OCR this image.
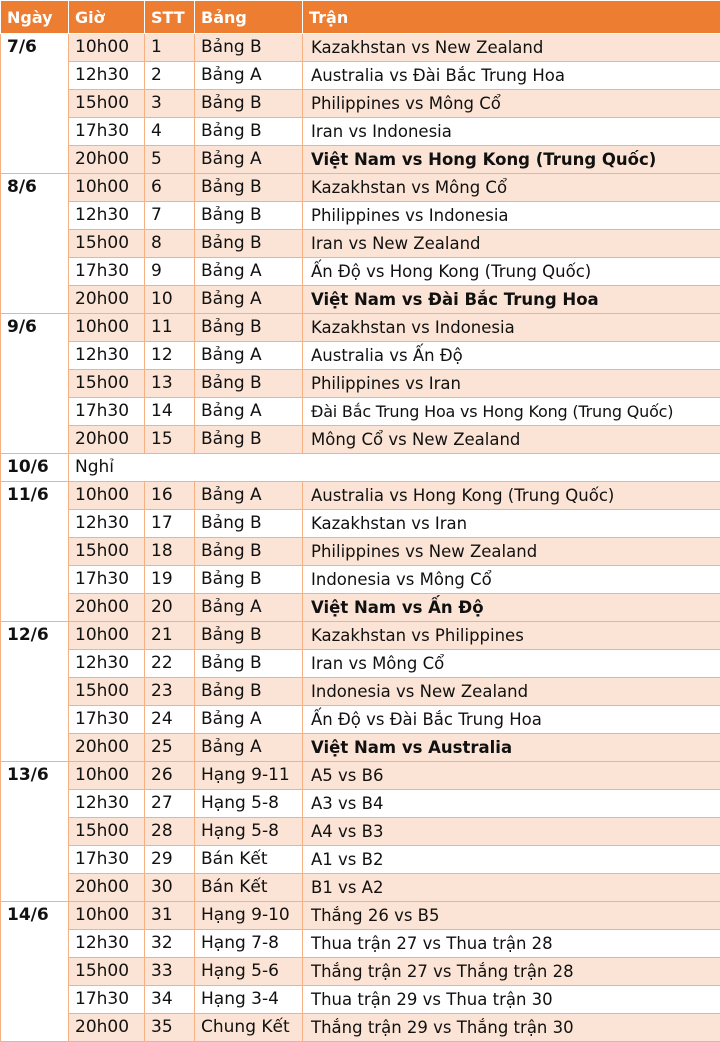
Ngày	Giờ	STT	Bảng	Trận
7/6	10h00	1	Bảng B	Kazakhstan vs New Zealand
	12h30	2	Bảng A	Australia vs Đài Bắc Trung Hoa
	15h00	3	Bảng B	Philippines vs Mông Cổ
	17h30	4	Bảng B	Iran vs Indonesia
	20h00	5	Bảng A	Việt Nam vs Hong Kong (Trung Quốc)
8/6	10h00	6	Bảng B	Kazakhstan vs Mông Cổ
	12h30	7	Bảng B	Philippines vs Indonesia
	15h00	8	Bảng B	Iran vs New Zealand
	17h30	9	Bảng A	Ấn Độ vs Hong Kong (Trung Quốc)
	20h00	10	Bảng A	Việt Nam vs Đài Bắc Trung Hoa
9/6	10h00	11	Bảng B	Kazakhstan vs Indonesia
	12h30	12	Bảng A	Australia vs Ấn Độ
	15h00	13	Bảng B	Philippines vs Iran
	17h30	14	Bảng A	Đài Bắc Trung Hoa vs Hong Kong (Trung Quốc)
	20h00	15	Bảng B	Mông Cổ vs New Zealand
10/6	Nghỉ			
11/6	10h00	16	Bảng A	Australia vs Hong Kong (Trung Quốc)
	12h30	17	Bảng B	Kazakhstan vs Iran
	15h00	18	Bảng B	Philippines vs New Zealand
	17h30	19	Bảng B	Indonesia vs Mông Cổ
	20h00	20	Bảng A	Việt Nam vs Ấn Độ
12/6	10h00	21	Bảng B	Kazakhstan vs Philippines
	12h30	22	Bảng B	Iran vs Mông Cổ
	15h00	23	Bảng B	Indonesia vs New Zealand
	17h30	24	Bảng A	Ấn Độ vs Đài Bắc Trung Hoa
	20h00	25	Bảng A	Việt Nam vs Australia
13/6	10h00	26	Hạng 9-11	A5 vs B6
	12h30	27	Hạng 5-8	A3 vs B4
	15h00	28	Hạng 5-8	A4 vs B3
	17h30	29	Bán Kết	A1 vs B2
	20h00	30	Bán Kết	B1 vs A2
14/6	10h00	31	Hạng 9-10	Thắng 26 vs B5
	12h30	32	Hạng 7-8	Thua trận 27 vs Thua trận 28
	15h00	33	Hạng 5-6	Thắng trận 27 vs Thắng trận 28
	17h30	34	Hạng 3-4	Thua trận 29 vs Thua trận 30
	20h00	35	Chung Kết	Thắng trận 29 vs Thắng trận 30
